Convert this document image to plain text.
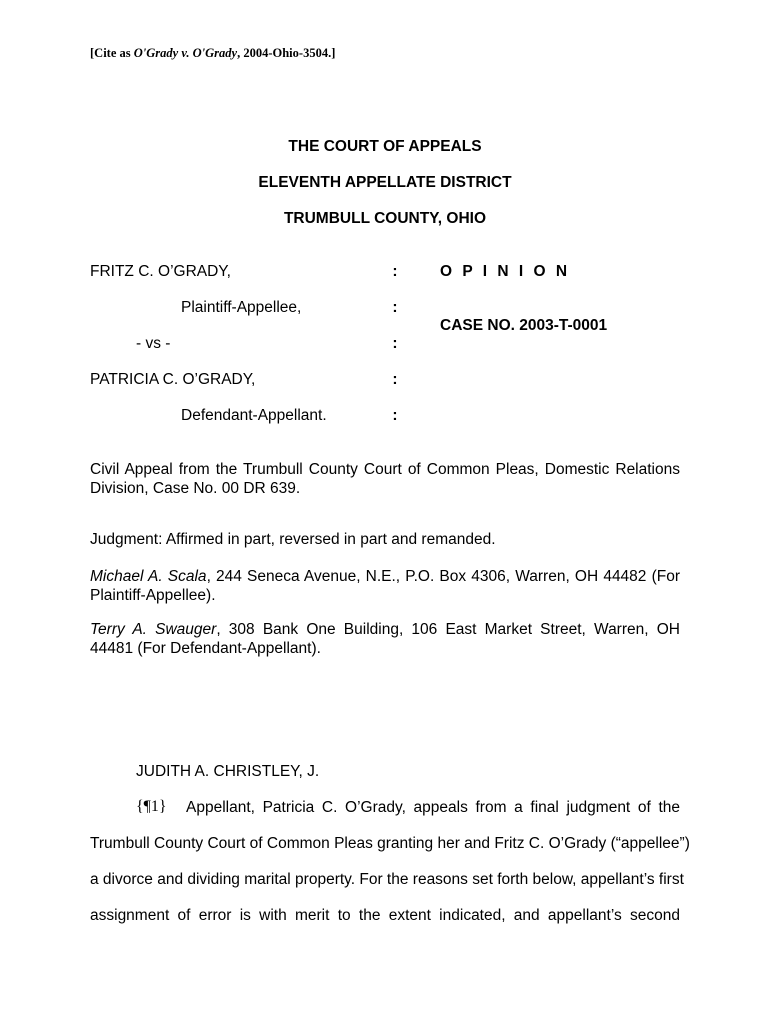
[Cite as O'Grady v. O'Grady, 2004-Ohio-3504.]
THE COURT OF APPEALS
ELEVENTH APPELLATE DISTRICT
TRUMBULL COUNTY, OHIO
FRITZ C. O’GRADY,	:	O P I N I O N
Plaintiff-Appellee,	:
CASE NO. 2003-T-0001
- vs -	:
PATRICIA C. O’GRADY,	:
Defendant-Appellant.	:
Civil Appeal from the Trumbull County Court of Common Pleas, Domestic Relations Division, Case No. 00 DR 639.
Judgment: Affirmed in part, reversed in part and remanded.
Michael A. Scala, 244 Seneca Avenue, N.E., P.O. Box 4306, Warren, OH 44482 (For Plaintiff-Appellee).
Terry A. Swauger, 308 Bank One Building, 106 East Market Street, Warren, OH 44481 (For Defendant-Appellant).
JUDITH A. CHRISTLEY, J.
{¶1} Appellant, Patricia C. O’Grady, appeals from a final judgment of the
Trumbull County Court of Common Pleas granting her and Fritz C. O’Grady (“appellee”)
a divorce and dividing marital property. For the reasons set forth below, appellant’s first
assignment of error is with merit to the extent indicated, and appellant’s second
